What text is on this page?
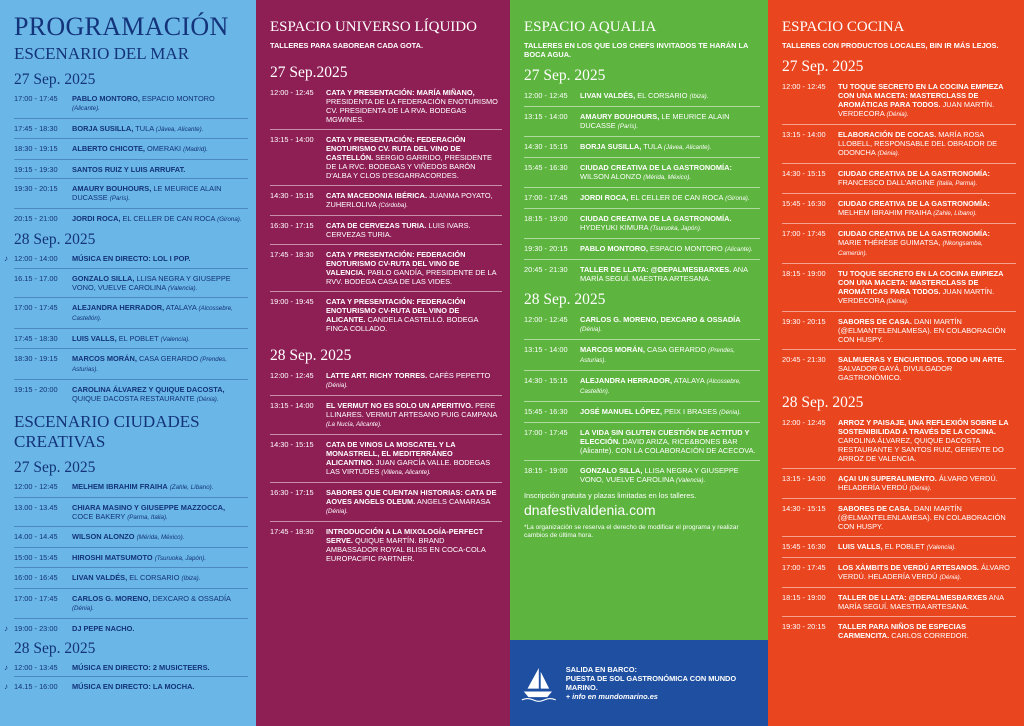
PROGRAMACIÓN
ESCENARIO DEL MAR
27 Sep. 2025
17:00 - 17:45	PABLO MONTORO, ESPACIO MONTORO (Alicante).
17:45 - 18:30	BORJA SUSILLA, TULA (Jávea, Alicante).
18:30 - 19:15	ALBERTO CHICOTE, OMERAKI (Madrid).
19:15 - 19:30	SANTOS RUIZ Y LUIS ARRUFAT.
19:30 - 20:15	AMAURY BOUHOURS, LE MEURICE ALAIN DUCASSE (París).
20:15 - 21:00	JORDI ROCA, EL CELLER DE CAN ROCA (Girona).
28 Sep. 2025
♪ 12:00 - 14:00	MÚSICA EN DIRECTO: LOL I POP.
16.15 - 17.00	GONZALO SILLA, LLISA NEGRA Y GIUSEPPE VONO, VUELVE CAROLINA (Valencia).
17:00 - 17:45	ALEJANDRA HERRADOR, ATALAYA (Alcossebre, Castellón).
17:45 - 18:30	LUIS VALLS, EL POBLET (Valencia).
18:30 - 19:15	MARCOS MORÁN, CASA GERARDO (Prendes, Asturias).
19:15 - 20:00	CAROLINA ÁLVAREZ Y QUIQUE DACOSTA, QUIQUE DACOSTA RESTAURANTE (Dénia).
ESCENARIO CIUDADES CREATIVAS
27 Sep. 2025
12:00 - 12:45	MELHEM IBRAHIM FRAIHA (Zahle, Líbano).
13.00 - 13.45	CHIARA MASINO Y GIUSEPPE MAZZOCCA, COCE BAKERY (Parma, Italia).
14.00 - 14.45	WILSON ALONZO (Mérida, México).
15:00 - 15:45	HIROSHI MATSUMOTO (Tsuruoka, Japón).
16:00 - 16:45	LIVAN VALDÉS, EL CORSARIO (Ibiza).
17:00 - 17:45	CARLOS G. MORENO, DEXCARO & OSSADÍA (Dénia).
♪ 19:00 - 23:00	DJ PEPE NACHO.
28 Sep. 2025
♪ 12:00 - 13:45	MÚSICA EN DIRECTO: 2 MUSICTEERS.
♪ 14.15 - 16:00	MÚSICA EN DIRECTO: LA MOCHA.
ESPACIO UNIVERSO LÍQUIDO
TALLERES PARA SABOREAR CADA GOTA.
27 Sep.2025
12:00 - 12:45	CATA Y PRESENTACIÓN: MARÍA MIÑANO, PRESIDENTA DE LA FEDERACIÓN ENOTURISMO CV. PRESIDENTA DE LA RVA. BODEGAS MGWINES.
13:15 - 14:00	CATA Y PRESENTACIÓN: FEDERACIÓN ENOTURISMO CV. RUTA DEL VINO DE CASTELLÓN. SERGIO GARRIDO, PRESIDENTE DE LA RVC. BODEGAS Y VIÑEDOS BARÓN D'ALBA Y CLOS D'ESGARRACORDES.
14:30 - 15:15	CATA MACEDONIA IBÉRICA. JUANMA POYATO, ZUHERLOLIVA (Córdoba).
16:30 - 17:15	CATA DE CERVEZAS TURIA. LUIS IVARS. CERVEZAS TURIA.
17:45 - 18:30	CATA Y PRESENTACIÓN: FEDERACIÓN ENOTURISMO CV-RUTA DEL VINO DE VALENCIA. PABLO GANDÍA, PRESIDENTE DE LA RVV. BODEGA CASA DE LAS VIDES.
19:00 - 19:45	CATA Y PRESENTACIÓN: FEDERACIÓN ENOTURISMO CV-RUTA DEL VINO DE ALICANTE. CANDELA CASTELLÓ. BODEGA FINCA COLLADO.
28 Sep. 2025
12:00 - 12:45	LATTE ART. RICHY TORRES. CAFÈS PEPETTO (Dénia).
13:15 - 14:00	EL VERMUT NO ES SOLO UN APERITIVO. PERE LLINARES. VERMUT ARTESANO PUIG CAMPANA (La Nucía, Alicante).
14:30 - 15:15	CATA DE VINOS LA MOSCATEL Y LA MONASTRELL, EL MEDITERRÁNEO ALICANTINO. JUAN GARCÍA VALLE. BODEGAS LAS VIRTUDES (Villena, Alicante).
16:30 - 17:15	SABORES QUE CUENTAN HISTORIAS: CATA DE AOVES ANGELS OLEUM. ANGELS CAMARASA (Dénia).
17:45 - 18:30	INTRODUCCIÓN A LA MIXOLOGÍA-PERFECT SERVE. QUIQUE MARTÍN. BRAND AMBASSADOR ROYAL BLISS EN COCA-COLA EUROPACIFIC PARTNER.
ESPACIO AQUALIA
TALLERES EN LOS QUE LOS CHEFS INVITADOS TE HARÁN LA BOCA AGUA.
27 Sep. 2025
12:00 - 12:45	LIVAN VALDÉS, EL CORSARIO (Ibiza).
13:15 - 14:00	AMAURY BOUHOURS, LE MEURICE ALAIN DUCASSE (París).
14:30 - 15:15	BORJA SUSILLA, TULA (Jávea, Alicante).
15:45 - 16:30	CIUDAD CREATIVA DE LA GASTRONOMÍA: WILSON ALONZO (Mérida, México).
17:00 - 17:45	JORDI ROCA, EL CELLER DE CAN ROCA (Girona).
18:15 - 19:00	CIUDAD CREATIVA DE LA GASTRONOMÍA. HYDEYUKI KIMURA (Tsuruoka, Japón).
19:30 - 20:15	PABLO MONTORO, ESPACIO MONTORO (Alicante).
20:45 - 21:30	TALLER DE LLATA: @DEPALMESBARXES. ANA MARÍA SEGUÍ. MAESTRA ARTESANA.
28 Sep. 2025
12:00 - 12:45	CARLOS G. MORENO, DEXCARO & OSSADÍA (Dénia).
13:15 - 14:00	MARCOS MORÁN, CASA GERARDO (Prendes, Asturias).
14:30 - 15:15	ALEJANDRA HERRADOR, ATALAYA (Alcossebre, Castellón).
15:45 - 16:30	JOSÉ MANUEL LÓPEZ, PEIX I BRASES (Dénia).
17:00 - 17:45	LA VIDA SIN GLUTEN CUESTIÓN DE ACTITUD Y ELECCIÓN. DAVID ARIZA, RICE&BONES BAR (Alicante). CON LA COLABORACIÓN DE ACECOVA.
18:15 - 19:00	GONZALO SILLA, LLISA NEGRA Y GIUSEPPE VONO, VUELVE CAROLINA (Valencia).
Inscripción gratuita y plazas limitadas en los talleres.
dnafestivaldenia.com
*La organización se reserva el derecho de modificar el programa y realizar cambios de última hora.
SALIDA EN BARCO:
PUESTA DE SOL GASTRONÓMICA CON MUNDO MARINO.
+ info en mundomarino.es
ESPACIO COCINA
TALLERES CON PRODUCTOS LOCALES, BIN IR MÁS LEJOS.
27 Sep. 2025
12:00 - 12:45	TU TOQUE SECRETO EN LA COCINA EMPIEZA CON UNA MACETA: MASTERCLASS DE AROMÁTICAS PARA TODOS. JUAN MARTÍN. VERDECORA (Dénia).
13:15 - 14:00	ELABORACIÓN DE COCAS. MARÍA ROSA LLOBELL, RESPONSABLE DEL OBRADOR DE ODONCHA (Dénia).
14:30 - 15:15	CIUDAD CREATIVA DE LA GASTRONOMÍA: FRANCESCO DALL'ARGINE (Italia, Parma).
15:45 - 16:30	CIUDAD CREATIVA DE LA GASTRONOMÍA: MELHEM IBRAHIM FRAIHA (Zahle, Líbano).
17:00 - 17:45	CIUDAD CREATIVA DE LA GASTRONOMÍA: MARIE THÉRÈSE GUIMATSA, (Nkongsamba, Camerún).
18:15 - 19:00	TU TOQUE SECRETO EN LA COCINA EMPIEZA CON UNA MACETA: MASTERCLASS DE AROMÁTICAS PARA TODOS. JUAN MARTÍN. VERDECORA (Dénia).
19:30 - 20:15	SABORES DE CASA. DANI MARTÍN (@ELMANTELENLAMESA). EN COLABORACIÓN CON HUSPY.
20:45 - 21:30	SALMUERAS Y ENCURTIDOS. TODO UN ARTE. SALVADOR GAYÁ, DIVULGADOR GASTRONÓMICO.
28 Sep. 2025
12:00 - 12:45	ARROZ Y PAISAJE, UNA REFLEXIÓN SOBRE LA SOSTENIBILIDAD A TRAVÉS DE LA COCINA. CAROLINA ÁLVAREZ, QUIQUE DACOSTA RESTAURANTE Y SANTOS RUIZ, GERENTE DO ARROZ DE VALENCIA.
13:15 - 14:00	AÇAI UN SUPERALIMENTO. ÁLVARO VERDÚ. HELADERÍA VERDÚ (Dénia).
14:30 - 15:15	SABORES DE CASA. DANI MARTÍN (@ELMANTELENLAMESA). EN COLABORACIÓN CON HUSPY.
15:45 - 16:30	LUIS VALLS, EL POBLET (Valencia).
17:00 - 17:45	LOS XÀMBITS DE VERDÚ ARTESANOS. ÁLVARO VERDÚ. HELADERÍA VERDÚ (Dénia).
18:15 - 19:00	TALLER DE LLATA: @DEPALMESBARXES ANA MARÍA SEGUÍ. MAESTRA ARTESANA.
19:30 - 20:15	TALLER PARA NIÑOS DE ESPECIAS CARMENCITA. CARLOS CORREDOR.
